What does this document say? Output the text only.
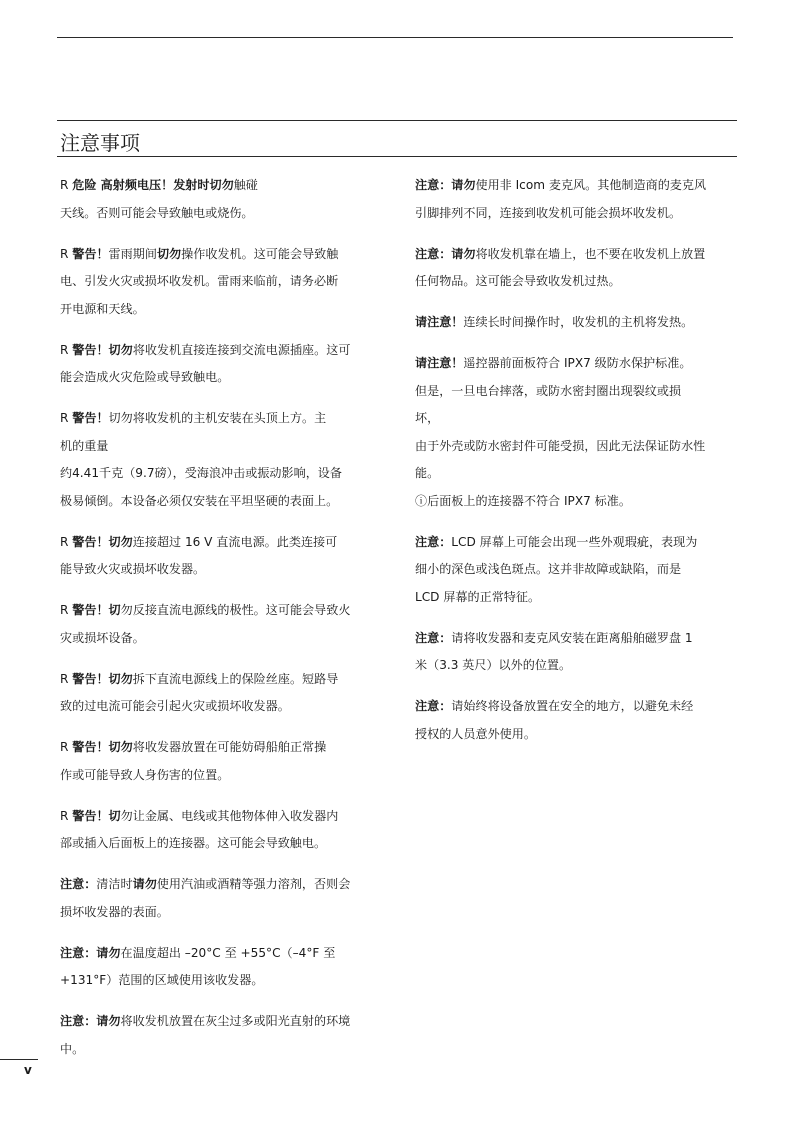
注意事项
R 危险 高射频电压！发射时切勿触碰
天线。否则可能会导致触电或烧伤。
R 警告！雷雨期间切勿操作收发机。这可能会导致触
电、引发火灾或损坏收发机。雷雨来临前，请务必断
开电源和天线。
R 警告！切勿将收发机直接连接到交流电源插座。这可
能会造成火灾危险或导致触电。
R 警告！切勿将收发机的主机安装在头顶上方。主
机的重量
约4.41千克（9.7磅），受海浪冲击或振动影响，设备
极易倾倒。本设备必须仅安装在平坦坚硬的表面上。
R 警告！切勿连接超过 16 V 直流电源。此类连接可
能导致火灾或损坏收发器。
R 警告！切勿反接直流电源线的极性。这可能会导致火
灾或损坏设备。
R 警告！切勿拆下直流电源线上的保险丝座。短路导
致的过电流可能会引起火灾或损坏收发器。
R 警告！切勿将收发器放置在可能妨碍船舶正常操
作或可能导致人身伤害的位置。
R 警告！切勿让金属、电线或其他物体伸入收发器内
部或插入后面板上的连接器。这可能会导致触电。
注意：清洁时请勿使用汽油或酒精等强力溶剂，否则会
损坏收发器的表面。
注意：请勿在温度超出 –20°C 至 +55°C（–4°F 至
+131°F）范围的区域使用该收发器。
注意：请勿将收发机放置在灰尘过多或阳光直射的环境
中。
注意：请勿使用非 Icom 麦克风。其他制造商的麦克风
引脚排列不同，连接到收发机可能会损坏收发机。
注意：请勿将收发机靠在墙上，也不要在收发机上放置
任何物品。这可能会导致收发机过热。
请注意！连续长时间操作时，收发机的主机将发热。
请注意！遥控器前面板符合 IPX7 级防水保护标准。
但是，一旦电台摔落，或防水密封圈出现裂纹或损
坏，
由于外壳或防水密封件可能受损，因此无法保证防水性
能。
ⓘ后面板上的连接器不符合 IPX7 标准。
注意：LCD 屏幕上可能会出现一些外观瑕疵，表现为
细小的深色或浅色斑点。这并非故障或缺陷，而是
LCD 屏幕的正常特征。
注意：请将收发器和麦克风安装在距离船舶磁罗盘 1
米（3.3 英尺）以外的位置。
注意：请始终将设备放置在安全的地方，以避免未经
授权的人员意外使用。
v
